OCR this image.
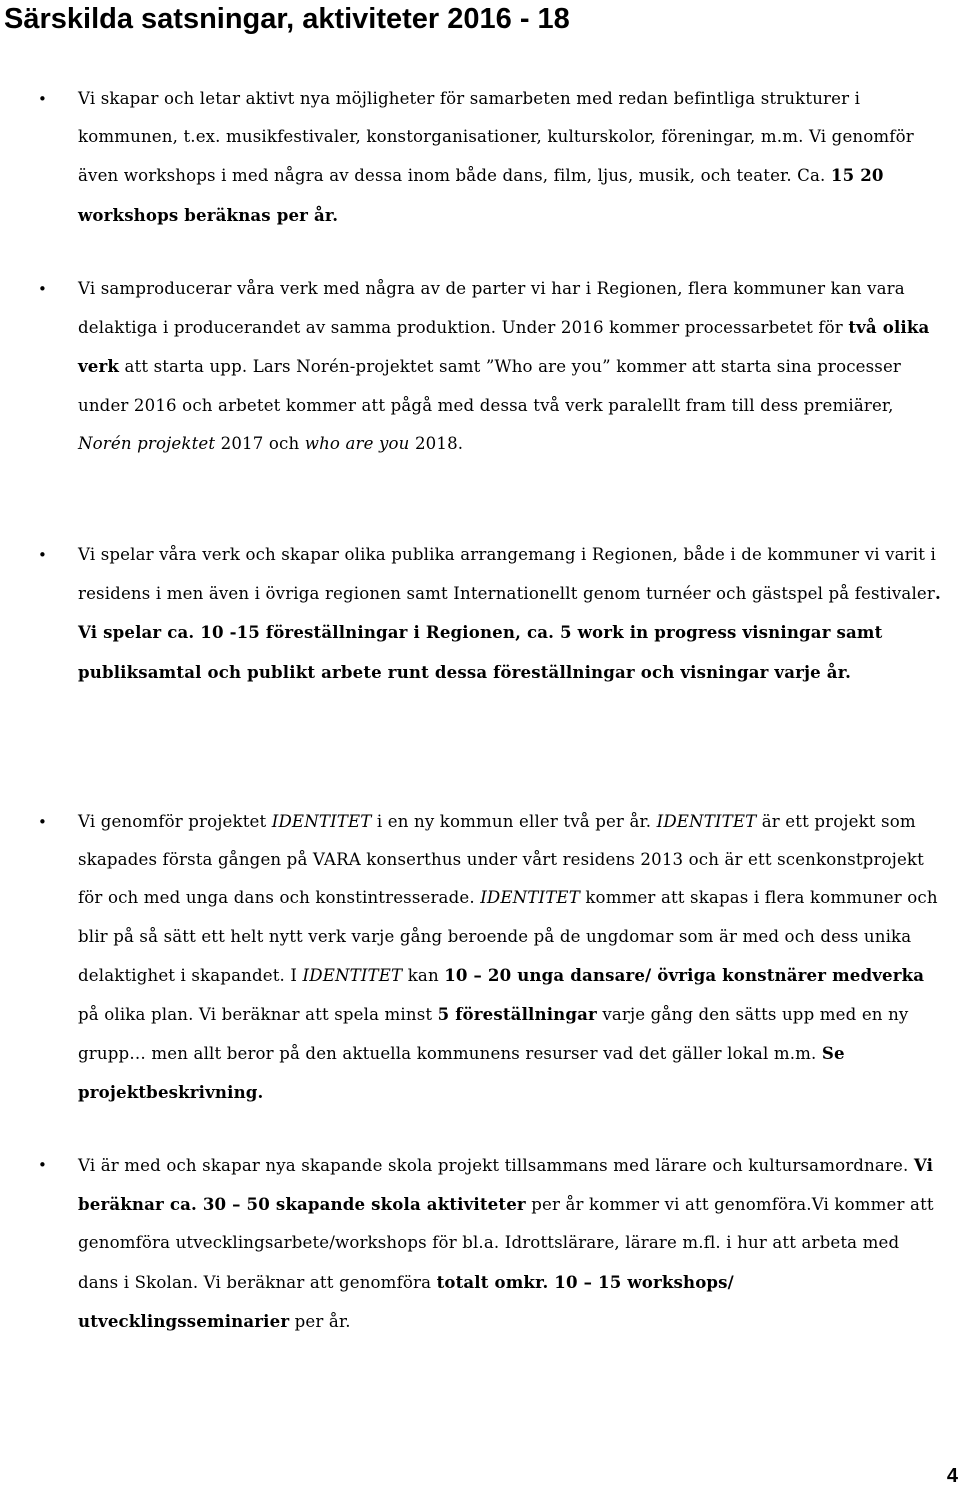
Särskilda satsningar, aktiviteter 2016 - 18
• Vi skapar och letar aktivt nya möjligheter för samarbeten med redan befintliga strukturer i kommunen, t.ex. musikfestivaler, konstorganisationer, kulturskolor, föreningar, m.m. Vi genomför även workshops i med några av dessa inom både dans, film, ljus, musik, och teater. Ca. 15 20 workshops beräknas per år.

• Vi samproducerar våra verk med några av de parter vi har i Regionen, flera kommuner kan vara delaktiga i producerandet av samma produktion. Under 2016 kommer processarbetet för två olika verk att starta upp. Lars Norén-projektet samt ”Who are you” kommer att starta sina processer under 2016 och arbetet kommer att pågå med dessa två verk paralellt fram till dess premiärer, Norén projektet 2017 och who are you 2018.

• Vi spelar våra verk och skapar olika publika arrangemang i Regionen, både i de kommuner vi varit i residens i men även i övriga regionen samt Internationellt genom turnéer och gästspel på festivaler.

Vi spelar ca. 10 -15 föreställningar i Regionen, ca. 5 work in progress visningar samt publiksamtal och publikt arbete runt dessa föreställningar och visningar varje år.

• Vi genomför projektet IDENTITET i en ny kommun eller två per år. IDENTITET är ett projekt som skapades första gången på VARA konserthus under vårt residens 2013 och är ett scenkonstprojekt för och med unga dans och konstintresserade. IDENTITET kommer att skapas i flera kommuner och blir på så sätt ett helt nytt verk varje gång beroende på de ungdomar som är med och dess unika delaktighet i skapandet. I IDENTITET kan 10 – 20 unga dansare/ övriga konstnärer medverka på olika plan. Vi beräknar att spela minst 5 föreställningar varje gång den sätts upp med en ny grupp… men allt beror på den aktuella kommunens resurser vad det gäller lokal m.m. Se projektbeskrivning.

• Vi är med och skapar nya skapande skola projekt tillsammans med lärare och kultursamordnare. Vi beräknar ca. 30 – 50 skapande skola aktiviteter per år kommer vi att genomföra.Vi kommer att genomföra utvecklingsarbete/workshops för bl.a. Idrottslärare, lärare m.fl. i hur att arbeta med dans i Skolan. Vi beräknar att genomföra totalt omkr. 10 – 15 workshops/ utvecklingsseminarier per år.

4
